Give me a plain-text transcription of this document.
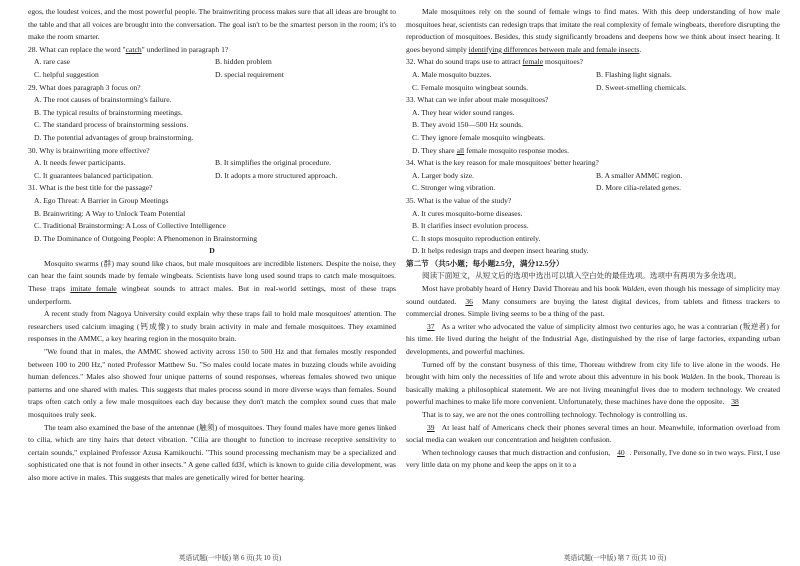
egos, the loudest voices, and the most powerful people. The brainwriting process makes sure that all ideas are brought to the table and that all voices are brought into the conversation. The goal isn't to be the smartest person in the room; it's to make the room smarter.

28. What can replace the word "catch" underlined in paragraph 1?

A. rare case	B. hidden problem
C. helpful suggestion	D. special requirement

29. What does paragraph 3 focus on?

A. The root causes of brainstorming's failure.

B. The typical results of brainstorming meetings.

C. The standard process of brainstorming sessions.

D. The potential advantages of group brainstorming.

30. Why is brainwriting more effective?

A. It needs fewer participants.	B. It simplifies the original procedure.
C. It guarantees balanced participation.	D. It adopts a more structured approach.

31. What is the best title for the passage?

A. Ego Threat: A Barrier in Group Meetings

B. Brainwriting: A Way to Unlock Team Potential

C. Traditional Brainstorming: A Loss of Collective Intelligence

D. The Dominance of Outgoing People: A Phenomenon in Brainstorming

D

Mosquito swarms (群) may sound like chaos, but male mosquitoes are incredible listeners. Despite the noise, they can hear the faint sounds made by female wingbeats. Scientists have long used sound traps to catch male mosquitoes. These traps imitate female wingbeat sounds to attract males. But in real-world settings, most of these traps underperform.

A recent study from Nagoya University could explain why these traps fail to hold male mosquitoes' attention. The researchers used calcium imaging (钙成像) to study brain activity in male and female mosquitoes. They examined responses in the AMMC, a key hearing region in the mosquito brain.

"We found that in males, the AMMC showed activity across 150 to 500 Hz and that females mostly responded between 100 to 200 Hz," noted Professor Matthew Su. "So males could locate mates in buzzing clouds while avoiding human defences." Males also showed four unique patterns of sound responses, whereas females showed two unique patterns and one shared with males. This suggests that males process sound in more diverse ways than females. Sound traps often catch only a few male mosquitoes each day because they don't match the complex sound cues that male mosquitoes truly seek.

The team also examined the base of the antennae (触须) of mosquitoes. They found males have more genes linked to cilia, which are tiny hairs that detect vibration. "Cilia are thought to function to increase receptive sensitivity to certain sounds," explained Professor Azusa Kamikouchi. "This sound processing mechanism may be a specialized and sophisticated one that is not found in other insects." A gene called fd3f, which is known to guide cilia development, was also more active in males. This suggests that males are genetically wired for better hearing.

Male mosquitoes rely on the sound of female wings to find mates. With this deep understanding of how male mosquitoes hear, scientists can redesign traps that imitate the real complexity of female wingbeats, therefore disrupting the reproduction of mosquitoes. Besides, this study significantly broadens and deepens how we think about insect hearing. It goes beyond simply identifying differences between male and female insects.

32. What do sound traps use to attract female mosquitoes?

A. Male mosquito buzzes.	B. Flashing light signals.
C. Female mosquito wingbeat sounds.	D. Sweet-smelling chemicals.

33. What can we infer about male mosquitoes?

A. They hear wider sound ranges.

B. They avoid 150—500 Hz sounds.

C. They ignore female mosquito wingbeats.

D. They share all female mosquito response modes.

34. What is the key reason for male mosquitoes' better hearing?

A. Larger body size.	B. A smaller AMMC region.
C. Stronger wing vibration.	D. More cilia-related genes.

35. What is the value of the study?

A. It cures mosquito-borne diseases.

B. It clarifies insect evolution process.

C. It stops mosquito reproduction entirely.

D. It helps redesign traps and deepen insect hearing study.

第二节 （共5小题；每小题2.5分，满分12.5分）

阅读下面短文，从短文后的选项中选出可以填入空白处的最佳选项。选项中有两项为多余选项。

Most have probably heard of Henry David Thoreau and his book Walden, even though his message of simplicity may sound outdated. 36 Many consumers are buying the latest digital devices, from tablets and fitness trackers to commercial drones. Simple living seems to be a thing of the past.

37 As a writer who advocated the value of simplicity almost two centuries ago, he was a contrarian (叛逆者) for his time. He lived during the height of the Industrial Age, distinguished by the rise of large factories, expanding urban developments, and powerful machines.

Turned off by the constant busyness of this time, Thoreau withdrew from city life to live alone in the woods. He brought with him only the necessities of life and wrote about this adventure in his book Walden. In the book, Thoreau is basically making a philosophical statement. We are not living meaningful lives due to modern technology. We created powerful machines to make life more convenient. Unfortunately, these machines have done the opposite. 38

That is to say, we are not the ones controlling technology. Technology is controlling us.

39 At least half of Americans check their phones several times an hour. Meanwhile, information overload from social media can weaken our concentration and heighten confusion.

When technology causes that much distraction and confusion, 40 . Personally, I've done so in two ways. First, I use very little data on my phone and keep the apps on it to a

英语试题(一中版) 第 6 页(共 10 页)	英语试题(一中版) 第 7 页(共 10 页)
